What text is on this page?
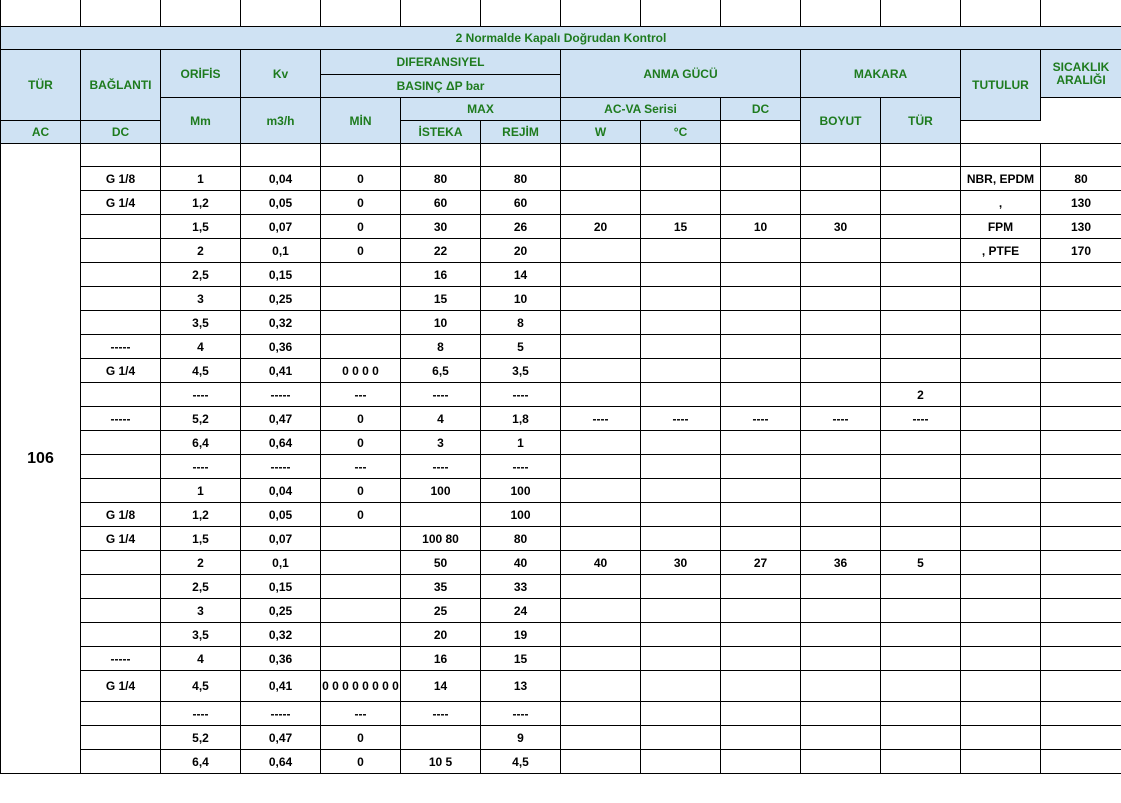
2 Normalde Kapalı Doğrudan Kontrol													
TÜR	BAĞLANTI	ORİFİS	Kv	DIFERANSIYEL			ANMA GÜCÜ			MAKARA		TUTULUR	SICAKLIK ARALIĞI
				BASINÇ ΔP bar									
		Mm	m3/h	MİN	MAX		AC-VA Serisi		DC	BOYUT	TÜR	
AC	DC				İSTEKA	REJİM	W	°C					
106													
	G 1/8	1	0,04	0	80	80						NBR, EPDM	80
	G 1/4	1,2	0,05	0	60	60						,	130
		1,5	0,07	0	30	26	20	15	10	30		FPM	130
		2	0,1	0	22	20						, PTFE	170
		2,5	0,15		16	14							
		3	0,25		15	10							
		3,5	0,32		10	8							
	-----	4	0,36		8	5							
	G 1/4	4,5	0,41	0 0 0 0	6,5	3,5							
		----	-----	---	----	----					2		
	-----	5,2	0,47	0	4	1,8	----	----	----	----	----		
		6,4	0,64	0	3	1							
		----	-----	---	----	----							
		1	0,04	0	100	100							
	G 1/8	1,2	0,05	0		100							
	G 1/4	1,5	0,07		100 80	80							
		2	0,1		50	40	40	30	27	36	5		
		2,5	0,15		35	33							
		3	0,25		25	24							
		3,5	0,32		20	19							
	-----	4	0,36		16	15							
	G 1/4	4,5	0,41	0 0 0 0 0 0 0 0	14	13							
		----	-----	---	----	----							
		5,2	0,47	0		9							
		6,4	0,64	0	10 5	4,5							
